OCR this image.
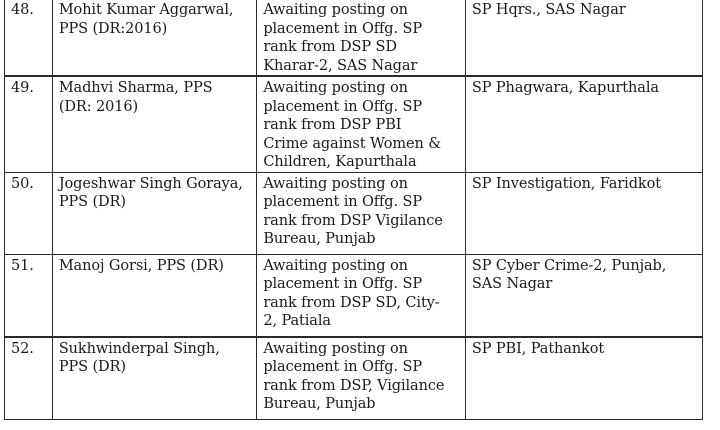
48.	Mohit Kumar Aggarwal,
PPS (DR:2016)	Awaiting posting on
placement in Offg. SP
rank from DSP SD
Kharar-2, SAS Nagar	SP Hqrs., SAS Nagar
49.	Madhvi Sharma, PPS
(DR: 2016)	Awaiting posting on
placement in Offg. SP
rank from DSP PBI
Crime against Women &
Children, Kapurthala	SP Phagwara, Kapurthala
50.	Jogeshwar Singh Goraya,
PPS (DR)	Awaiting posting on
placement in Offg. SP
rank from DSP Vigilance
Bureau, Punjab	SP Investigation, Faridkot
51.	Manoj Gorsi, PPS (DR)	Awaiting posting on
placement in Offg. SP
rank from DSP SD, City-
2, Patiala	SP Cyber Crime-2, Punjab,
SAS Nagar
52.	Sukhwinderpal Singh,
PPS (DR)	Awaiting posting on
placement in Offg. SP
rank from DSP, Vigilance
Bureau, Punjab	SP PBI, Pathankot
